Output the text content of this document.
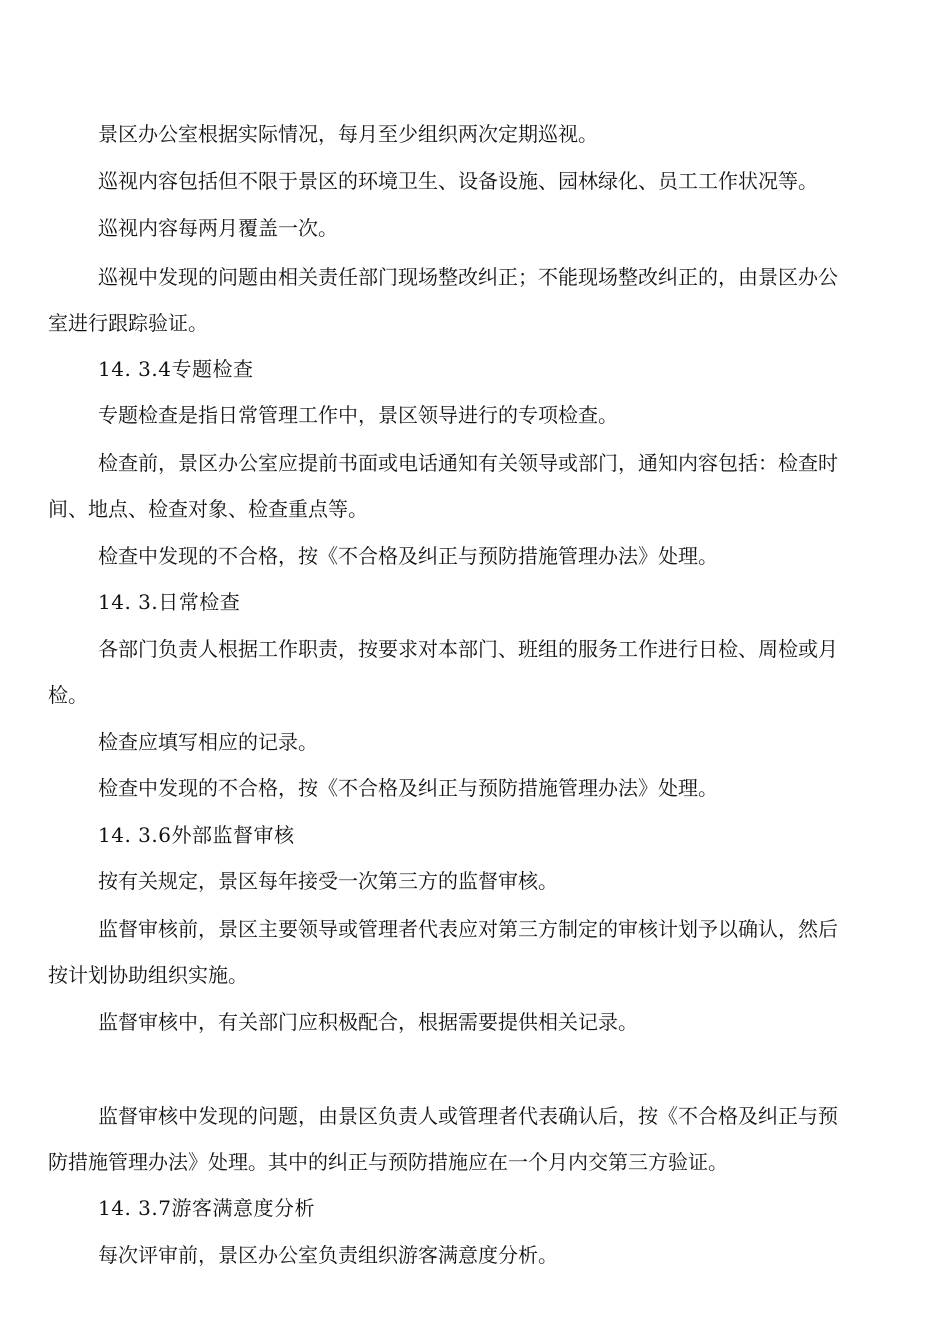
景区办公室根据实际情况，每月至少组织两次定期巡视。
巡视内容包括但不限于景区的环境卫生、设备设施、园林绿化、员工工作状况等。
巡视内容每两月覆盖一次。
巡视中发现的问题由相关责任部门现场整改纠正；不能现场整改纠正的，由景区办公
室进行跟踪验证。
14. 3.4专题检查
专题检查是指日常管理工作中，景区领导进行的专项检查。
检查前，景区办公室应提前书面或电话通知有关领导或部门，通知内容包括：检查时
间、地点、检查对象、检查重点等。
检查中发现的不合格，按《不合格及纠正与预防措施管理办法》处理。
14. 3.日常检查
各部门负责人根据工作职责，按要求对本部门、班组的服务工作进行日检、周检或月
检。
检查应填写相应的记录。
检查中发现的不合格，按《不合格及纠正与预防措施管理办法》处理。
14. 3.6外部监督审核
按有关规定，景区每年接受一次第三方的监督审核。
监督审核前，景区主要领导或管理者代表应对第三方制定的审核计划予以确认，然后
按计划协助组织实施。
监督审核中，有关部门应积极配合，根据需要提供相关记录。
监督审核中发现的问题，由景区负责人或管理者代表确认后，按《不合格及纠正与预
防措施管理办法》处理。其中的纠正与预防措施应在一个月内交第三方验证。
14. 3.7游客满意度分析
每次评审前，景区办公室负责组织游客满意度分析。
